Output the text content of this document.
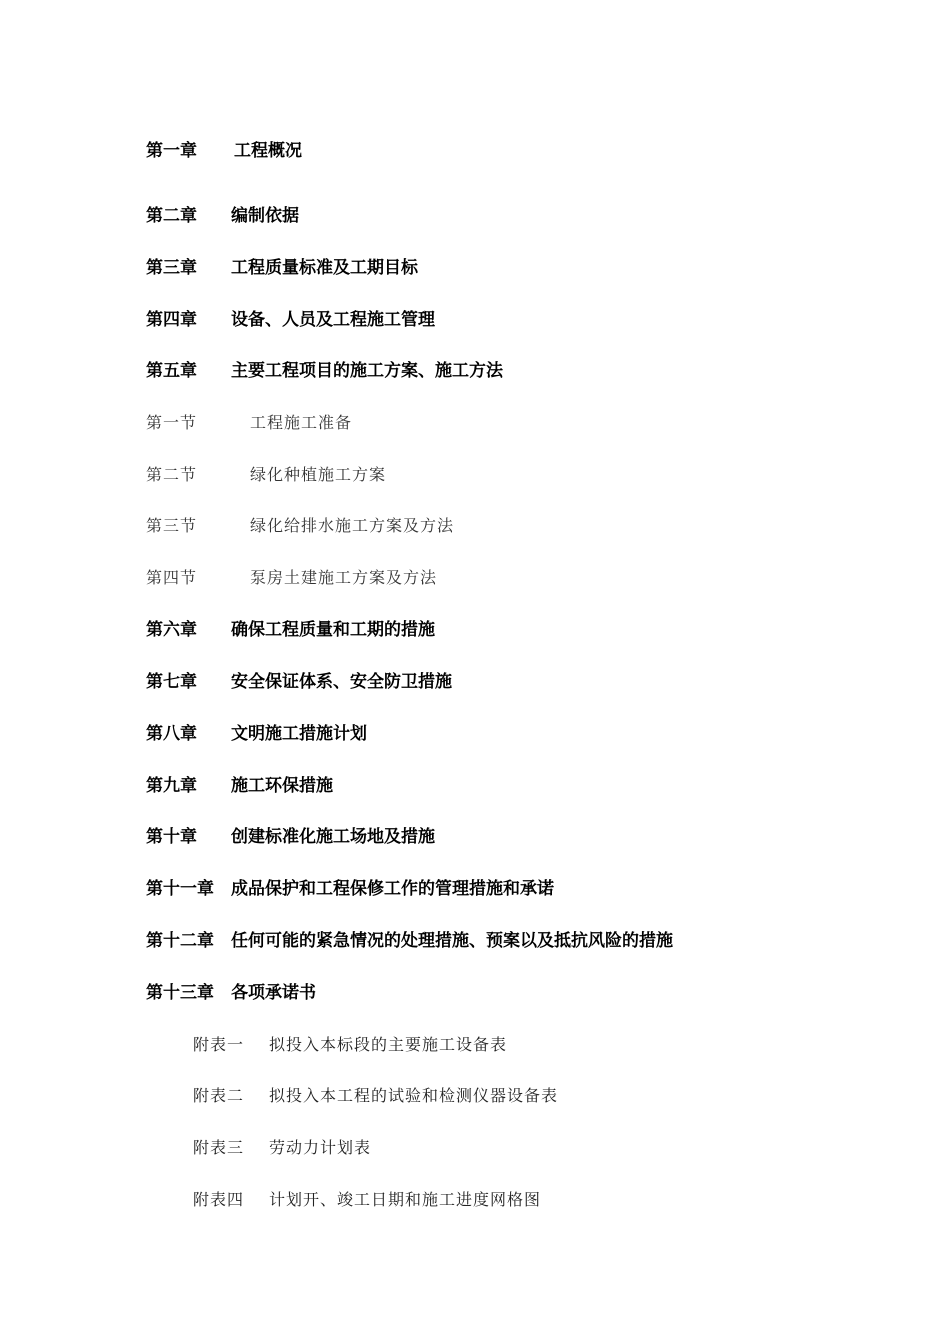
第一章 工程概况
第二章 编制依据
第三章 工程质量标准及工期目标
第四章 设备、人员及工程施工管理
第五章 主要工程项目的施工方案、施工方法
第一节	工程施工准备
第二节	绿化种植施工方案
第三节	绿化给排水施工方案及方法
第四节	泵房土建施工方案及方法
第六章 确保工程质量和工期的措施
第七章 安全保证体系、安全防卫措施
第八章 文明施工措施计划
第九章 施工环保措施
第十章 创建标准化施工场地及措施
第十一章 成品保护和工程保修工作的管理措施和承诺
第十二章 任何可能的紧急情况的处理措施、预案以及抵抗风险的措施
第十三章 各项承诺书
附表一 拟投入本标段的主要施工设备表
附表二 拟投入本工程的试验和检测仪器设备表
附表三 劳动力计划表
附表四 计划开、竣工日期和施工进度网格图
